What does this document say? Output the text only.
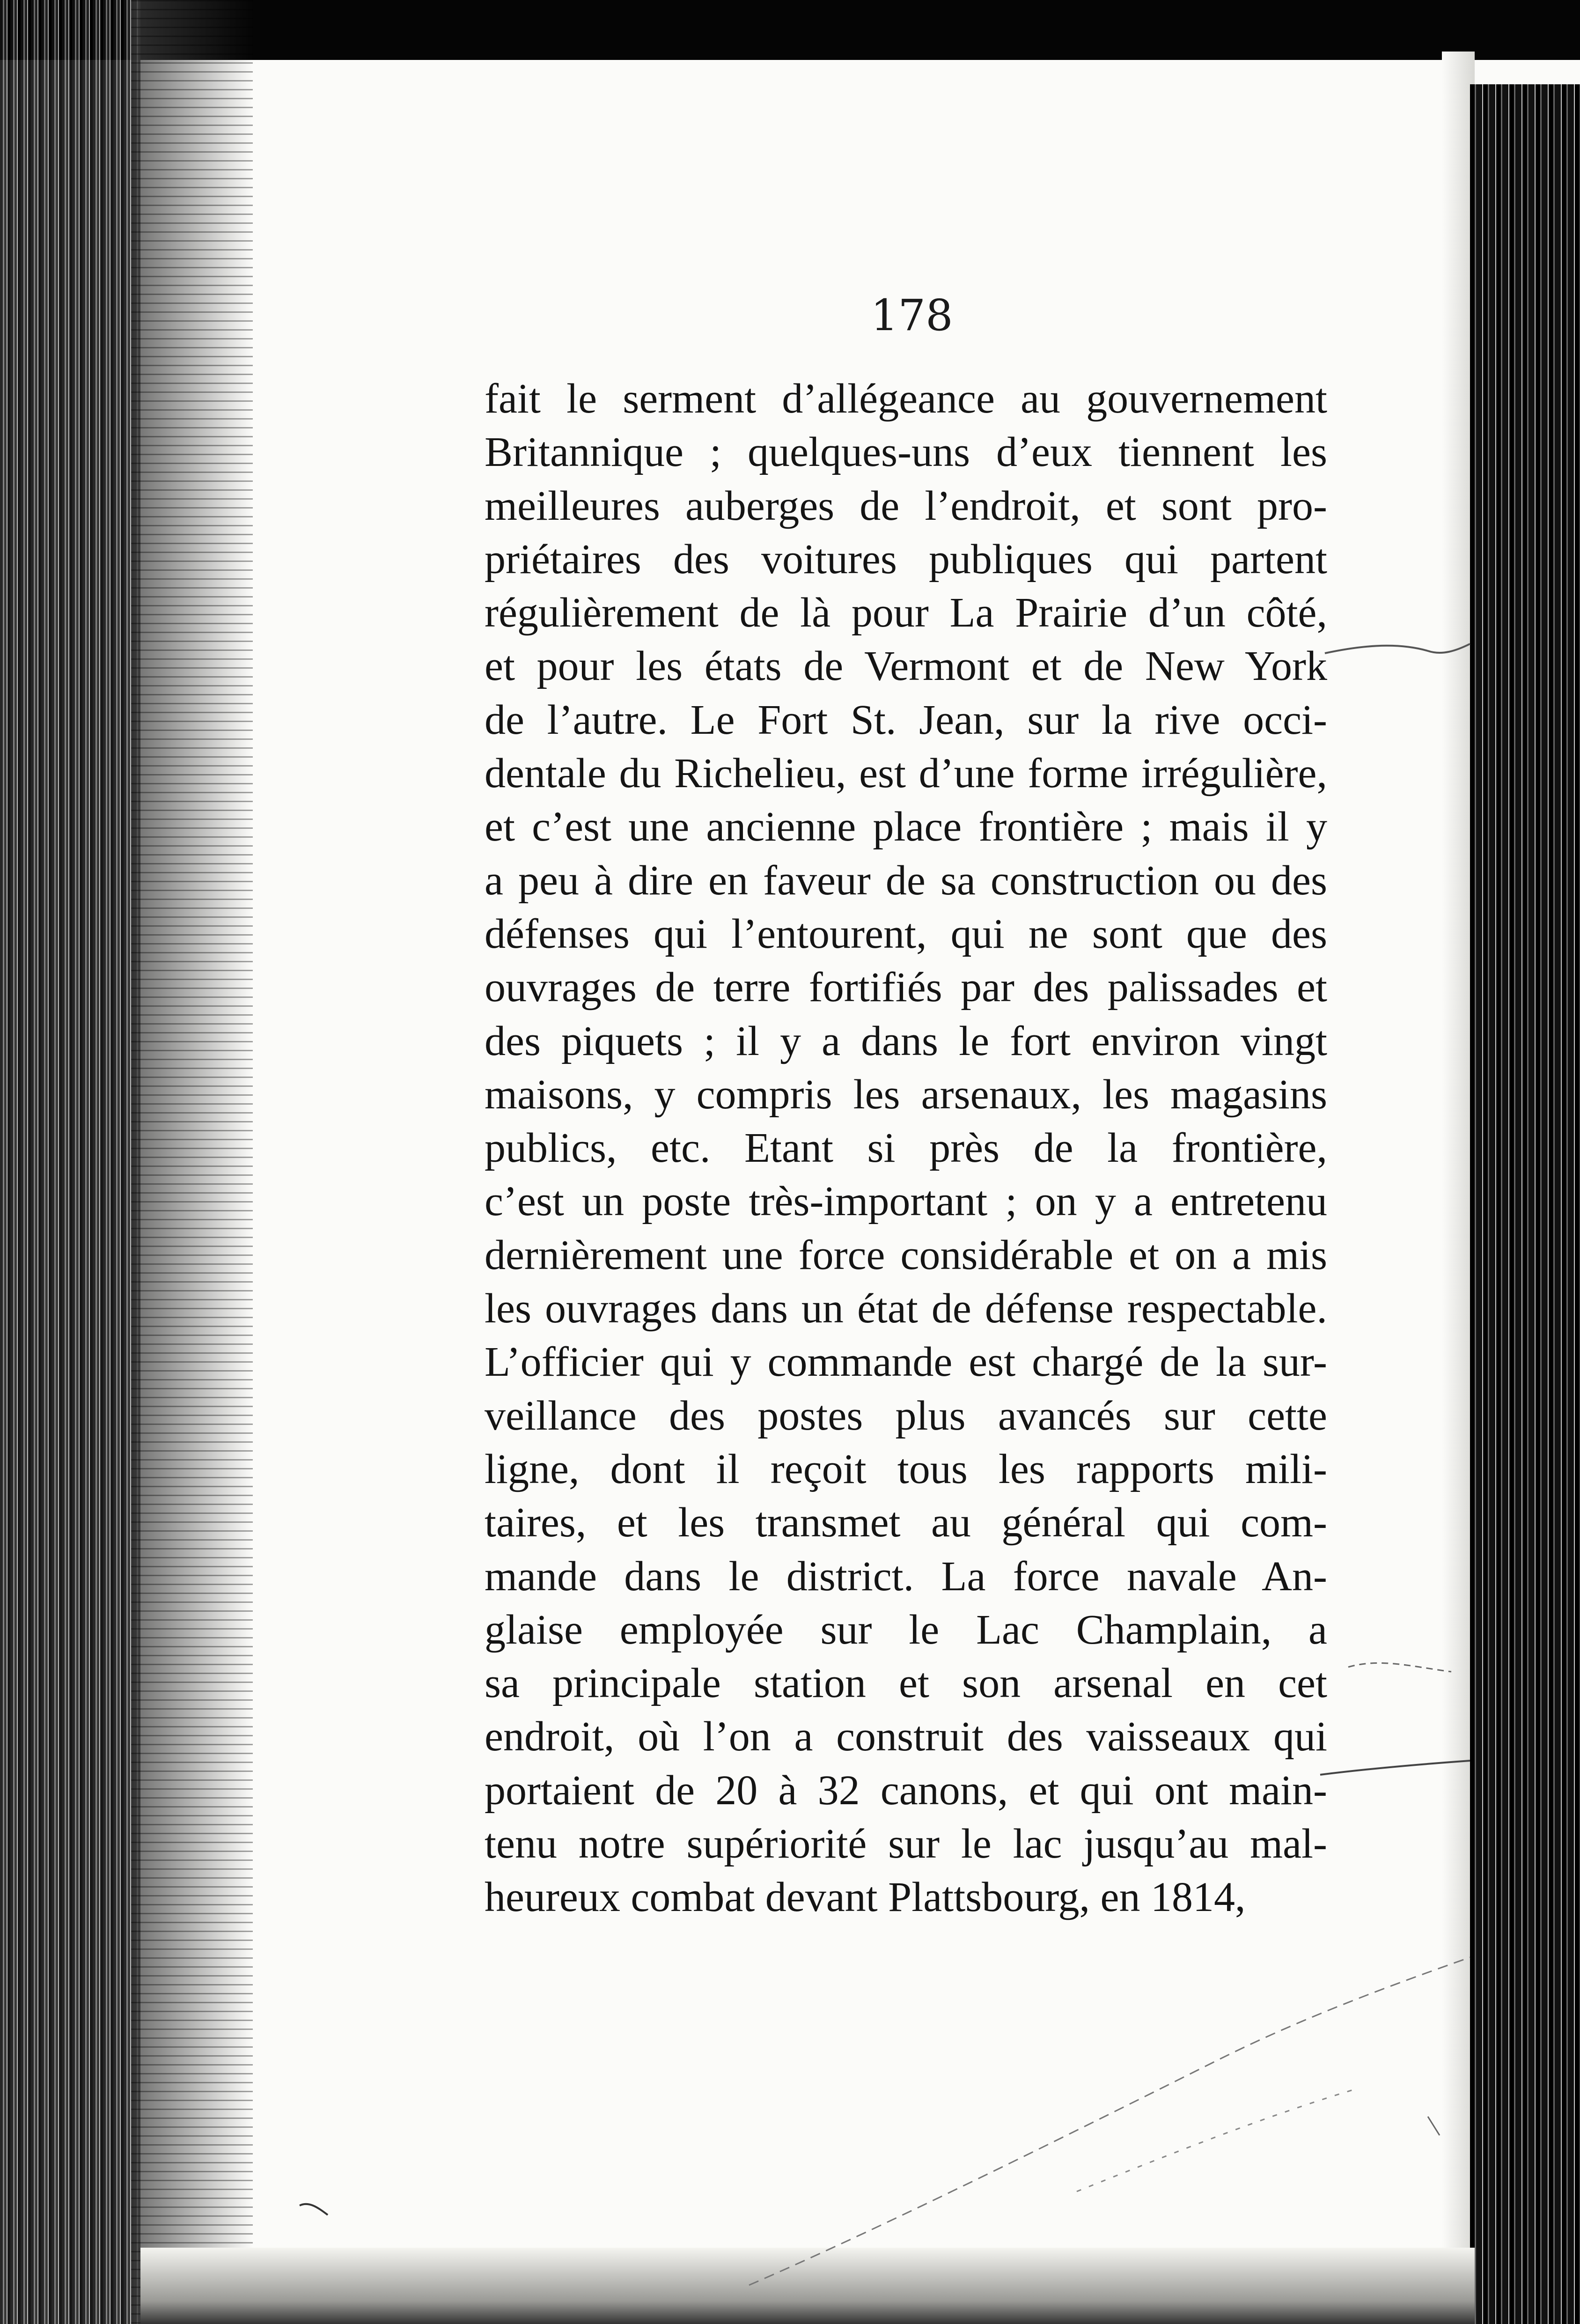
178

fait le serment d’allégeance au gouvernement
Britannique ; quelques-uns d’eux tiennent les
meilleures auberges de l’endroit, et sont pro-
priétaires des voitures publiques qui partent
régulièrement de là pour La Prairie d’un côté,
et pour les états de Vermont et de New York
de l’autre. Le Fort St. Jean, sur la rive occi-
dentale du Richelieu, est d’une forme irrégulière,
et c’est une ancienne place frontière ; mais il y
a peu à dire en faveur de sa construction ou des
défenses qui l’entourent, qui ne sont que des
ouvrages de terre fortifiés par des palissades et
des piquets ; il y a dans le fort environ vingt
maisons, y compris les arsenaux, les magasins
publics, etc. Etant si près de la frontière,
c’est un poste très-important ; on y a entretenu
dernièrement une force considérable et on a mis
les ouvrages dans un état de défense respectable.
L’officier qui y commande est chargé de la sur-
veillance des postes plus avancés sur cette
ligne, dont il reçoit tous les rapports mili-
taires, et les transmet au général qui com-
mande dans le district. La force navale An-
glaise employée sur le Lac Champlain, a
sa principale station et son arsenal en cet
endroit, où l’on a construit des vaisseaux qui
portaient de 20 à 32 canons, et qui ont main-
tenu notre supériorité sur le lac jusqu’au mal-
heureux combat devant Plattsbourg, en 1814,
